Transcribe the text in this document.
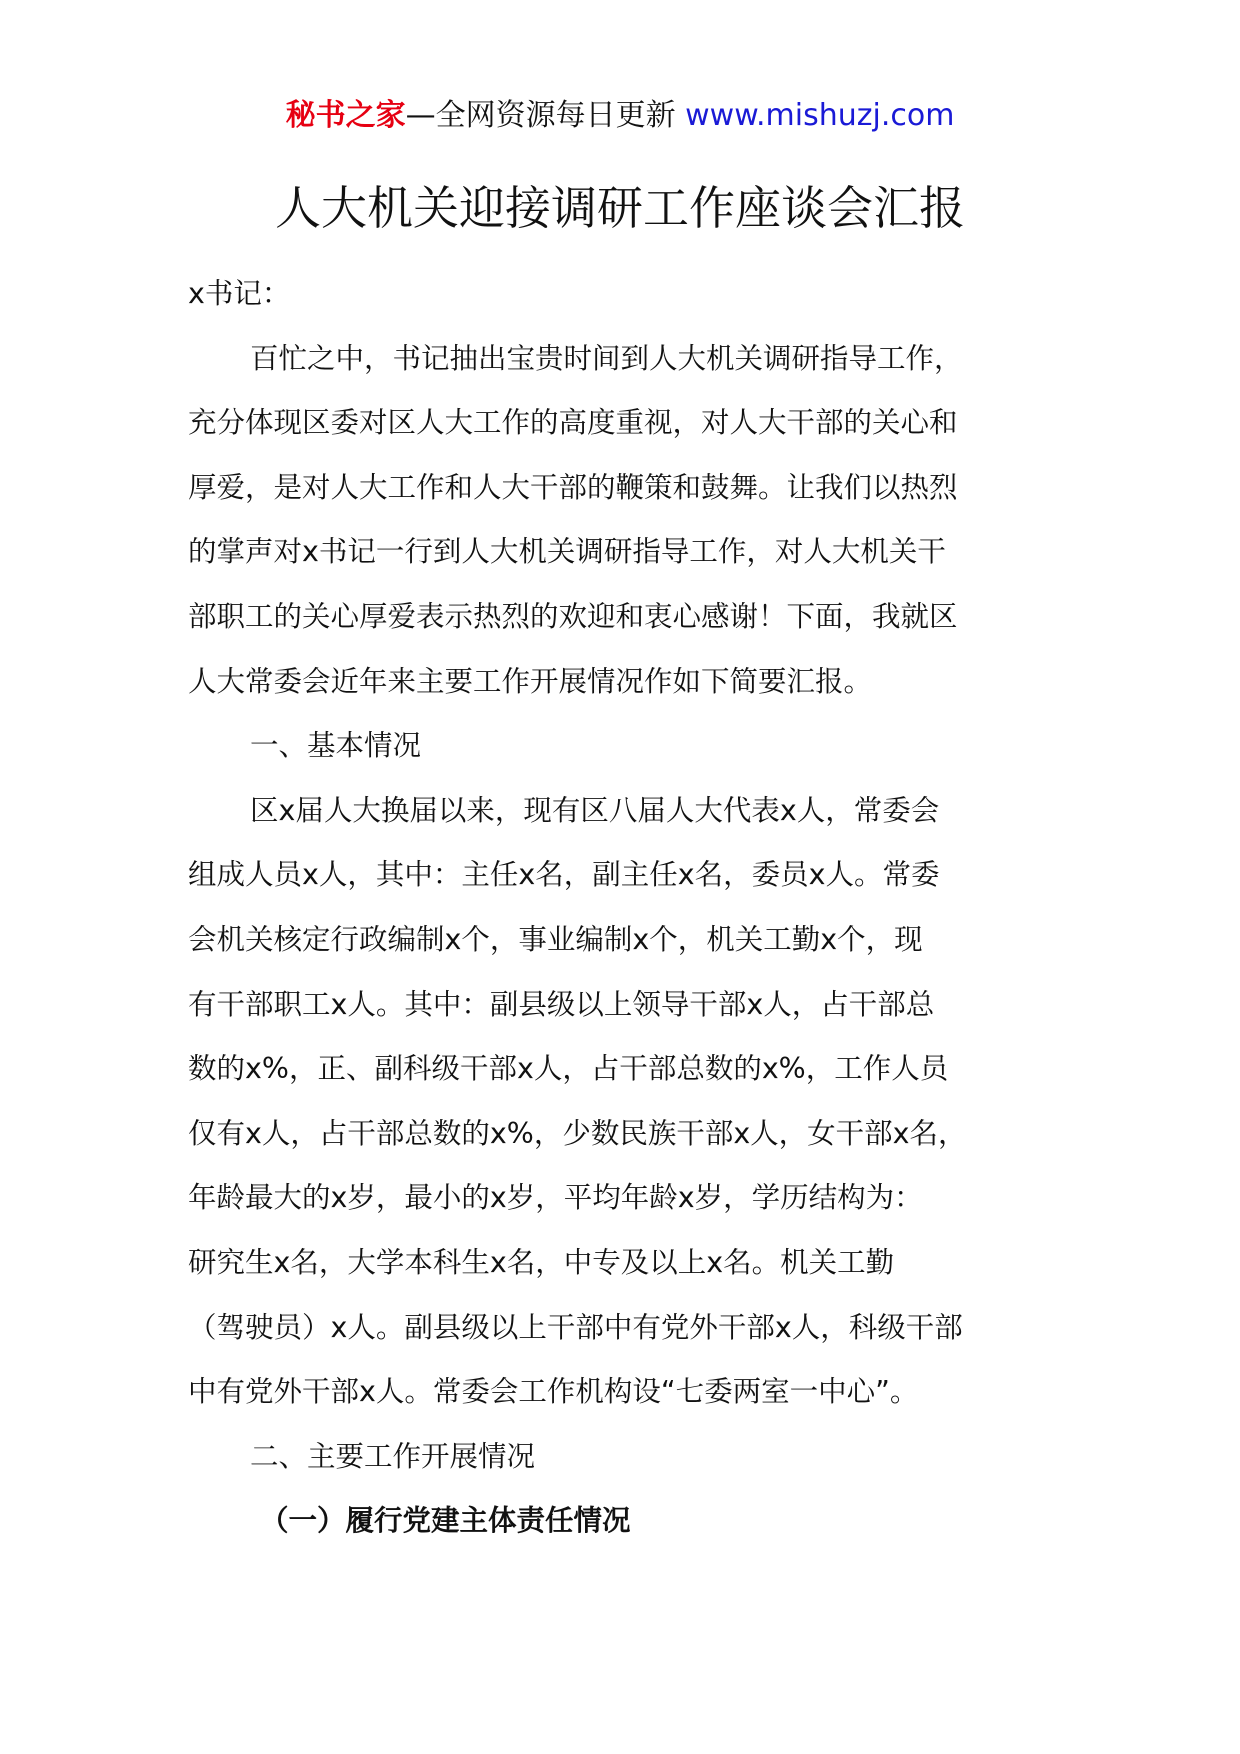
秘书之家—全网资源每日更新 www.mishuzj.com
人大机关迎接调研工作座谈会汇报
x书记：
百忙之中，书记抽出宝贵时间到人大机关调研指导工作，
充分体现区委对区人大工作的高度重视，对人大干部的关心和
厚爱，是对人大工作和人大干部的鞭策和鼓舞。让我们以热烈
的掌声对x书记一行到人大机关调研指导工作，对人大机关干
部职工的关心厚爱表示热烈的欢迎和衷心感谢！下面，我就区
人大常委会近年来主要工作开展情况作如下简要汇报。
一、基本情况
区x届人大换届以来，现有区八届人大代表x人，常委会
组成人员x人，其中：主任x名，副主任x名，委员x人。常委
会机关核定行政编制x个，事业编制x个，机关工勤x个，现
有干部职工x人。其中：副县级以上领导干部x人，占干部总
数的x%，正、副科级干部x人，占干部总数的x%，工作人员
仅有x人，占干部总数的x%，少数民族干部x人，女干部x名，
年龄最大的x岁，最小的x岁，平均年龄x岁，学历结构为：
研究生x名，大学本科生x名，中专及以上x名。机关工勤
（驾驶员）x人。副县级以上干部中有党外干部x人，科级干部
中有党外干部x人。常委会工作机构设“七委两室一中心”。
二、主要工作开展情况
（一）履行党建主体责任情况
